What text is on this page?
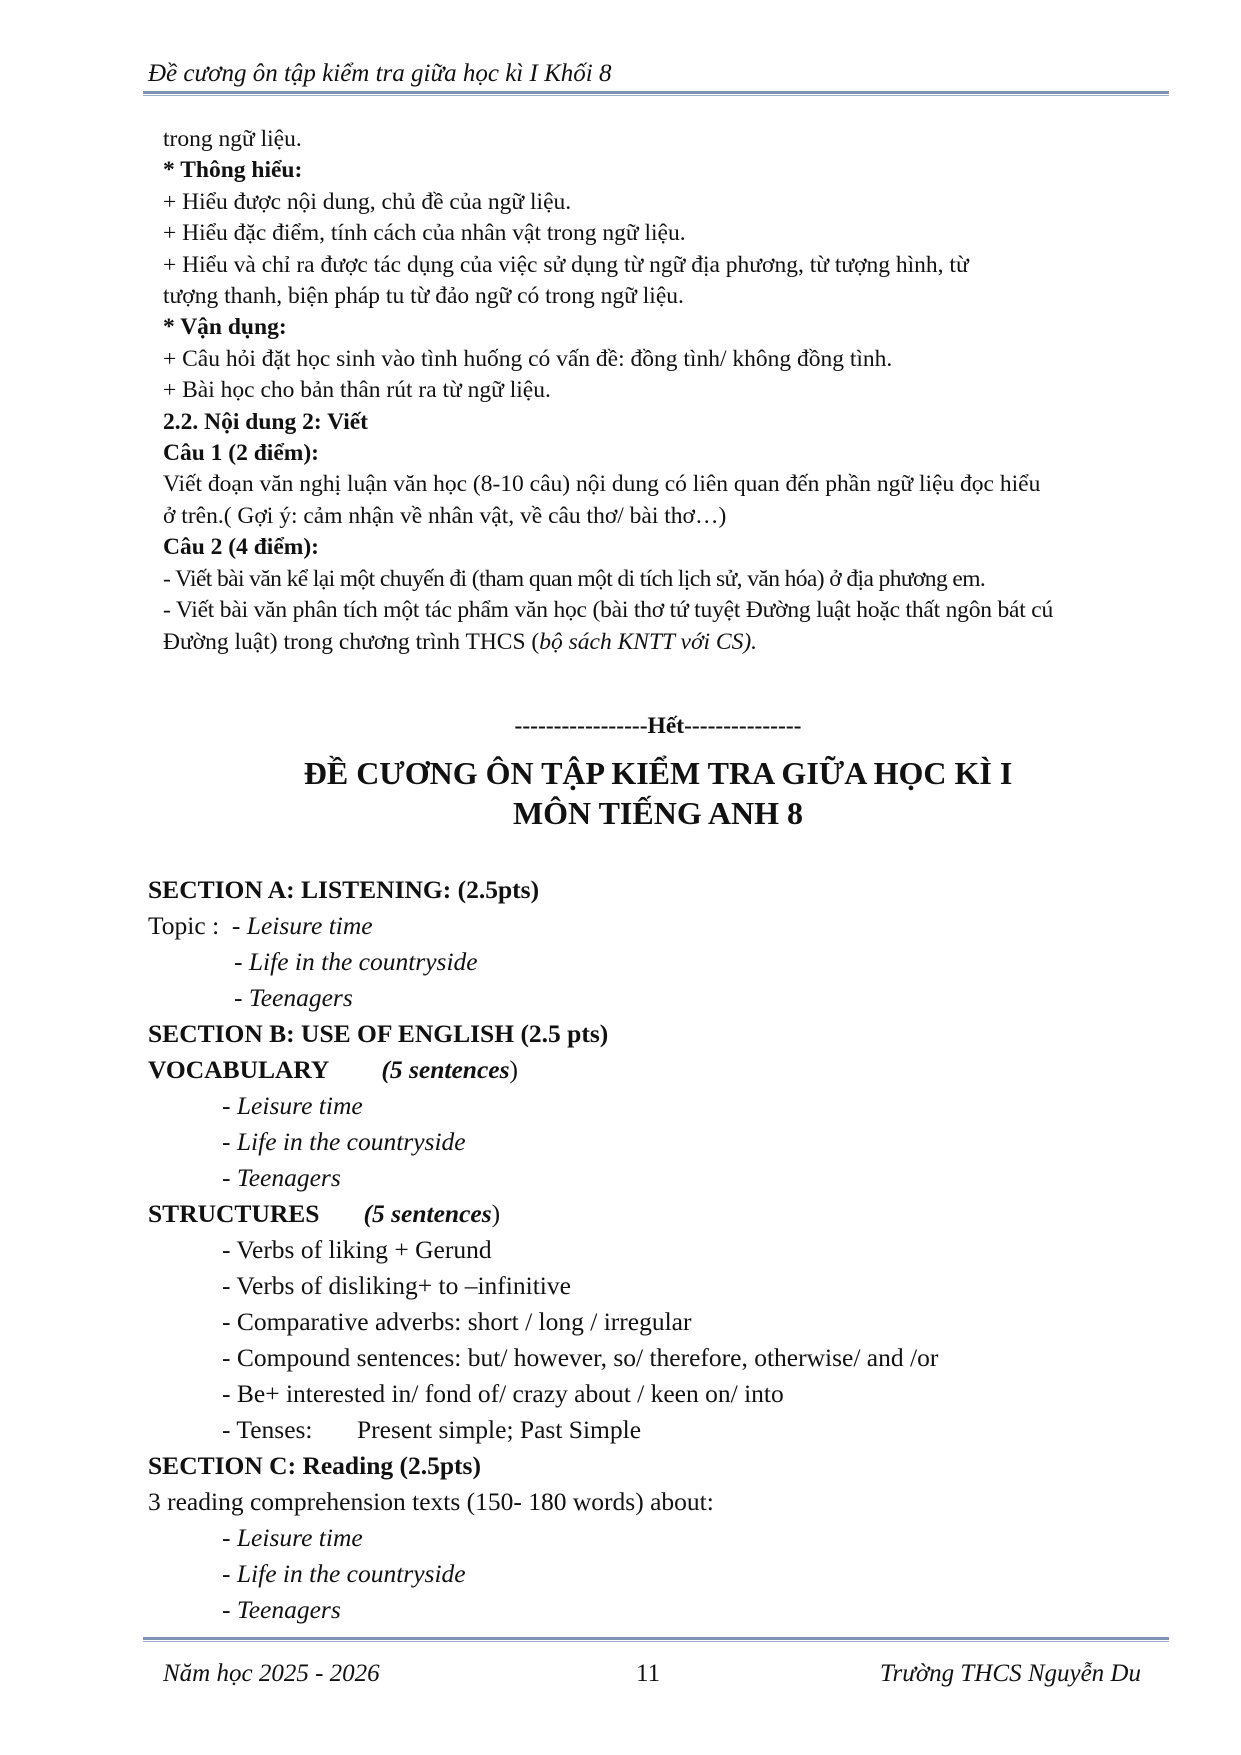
Đề cương ôn tập kiểm tra giữa học kì I Khối 8
trong ngữ liệu.
* Thông hiểu:
+ Hiểu được nội dung, chủ đề của ngữ liệu.
+ Hiểu đặc điểm, tính cách của nhân vật trong ngữ liệu.
+ Hiểu và chỉ ra được tác dụng của việc sử dụng từ ngữ địa phương, từ tượng hình, từ
tượng thanh, biện pháp tu từ đảo ngữ có trong ngữ liệu.
* Vận dụng:
+ Câu hỏi đặt học sinh vào tình huống có vấn đề: đồng tình/ không đồng tình.
+ Bài học cho bản thân rút ra từ ngữ liệu.
2.2. Nội dung 2: Viết
Câu 1 (2 điểm):
Viết đoạn văn nghị luận văn học (8-10 câu) nội dung có liên quan đến phần ngữ liệu đọc hiểu
ở trên.( Gợi ý: cảm nhận về nhân vật, về câu thơ/ bài thơ…)
Câu 2 (4 điểm):
- Viết bài văn kể lại một chuyến đi (tham quan một di tích lịch sử, văn hóa) ở địa phương em.
- Viết bài văn phân tích một tác phẩm văn học (bài thơ tứ tuyệt Đường luật hoặc thất ngôn bát cú
Đường luật) trong chương trình THCS (bộ sách KNTT với CS).
-----------------Hết---------------
ĐỀ CƯƠNG ÔN TẬP KIỂM TRA GIỮA HỌC KÌ I
MÔN TIẾNG ANH 8
SECTION A: LISTENING: (2.5pts)
Topic :  - Leisure time
- Life in the countryside
- Teenagers
SECTION B: USE OF ENGLISH (2.5 pts)
VOCABULARY (5 sentences)
- Leisure time
- Life in the countryside
- Teenagers
STRUCTURES (5 sentences)
- Verbs of liking + Gerund
- Verbs of disliking+ to –infinitive
- Comparative adverbs: short / long / irregular
- Compound sentences: but/ however, so/ therefore, otherwise/ and /or
- Be+ interested in/ fond of/ crazy about / keen on/ into
- Tenses: Present simple; Past Simple
SECTION C: Reading (2.5pts)
3 reading comprehension texts (150- 180 words) about:
- Leisure time
- Life in the countryside
- Teenagers
Năm học 2025 - 2026	11	Trường THCS Nguyễn Du
